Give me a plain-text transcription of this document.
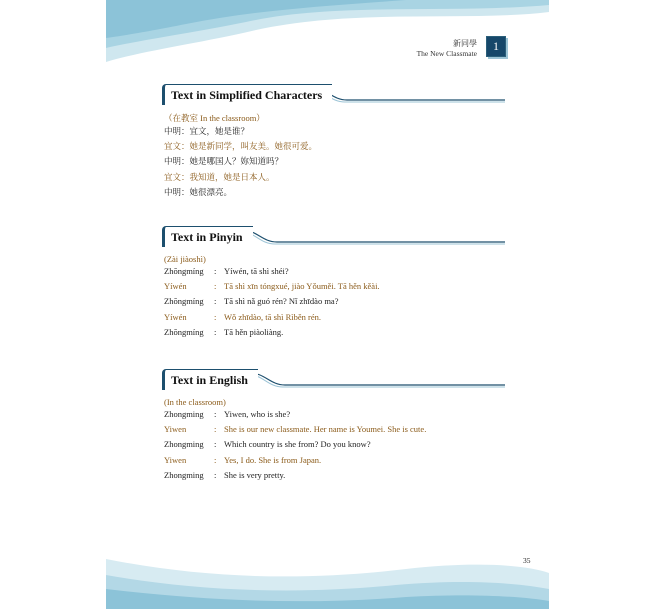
新同學
The New Classmate
1
Text in Simplified Characters
（在教室 In the classroom）
中明：宜文，她是谁？
宜文：她是新同学，叫友美。她很可爱。
中明：她是哪国人？妳知道吗？
宜文：我知道，她是日本人。
中明：她很漂亮。
Text in Pinyin
(Zài jiàoshì)
Zhōngmíng : Yíwén, tā shì shéi?
Yíwén	: Tā shì xīn tóngxué, jiào Yǒuměi. Tā hěn kěài.
Zhōngmíng : Tā shì nǎ guó rén? Nǐ zhīdào ma?
Yíwén	: Wǒ zhīdào, tā shì Rìběn rén.
Zhōngmíng : Tā hěn piàoliàng.
Text in English
(In the classroom)
Zhongming : Yiwen, who is she?
Yiwen	: She is our new classmate. Her name is Youmei. She is cute.
Zhongming : Which country is she from? Do you know?
Yiwen	: Yes, I do. She is from Japan.
Zhongming : She is very pretty.
35
